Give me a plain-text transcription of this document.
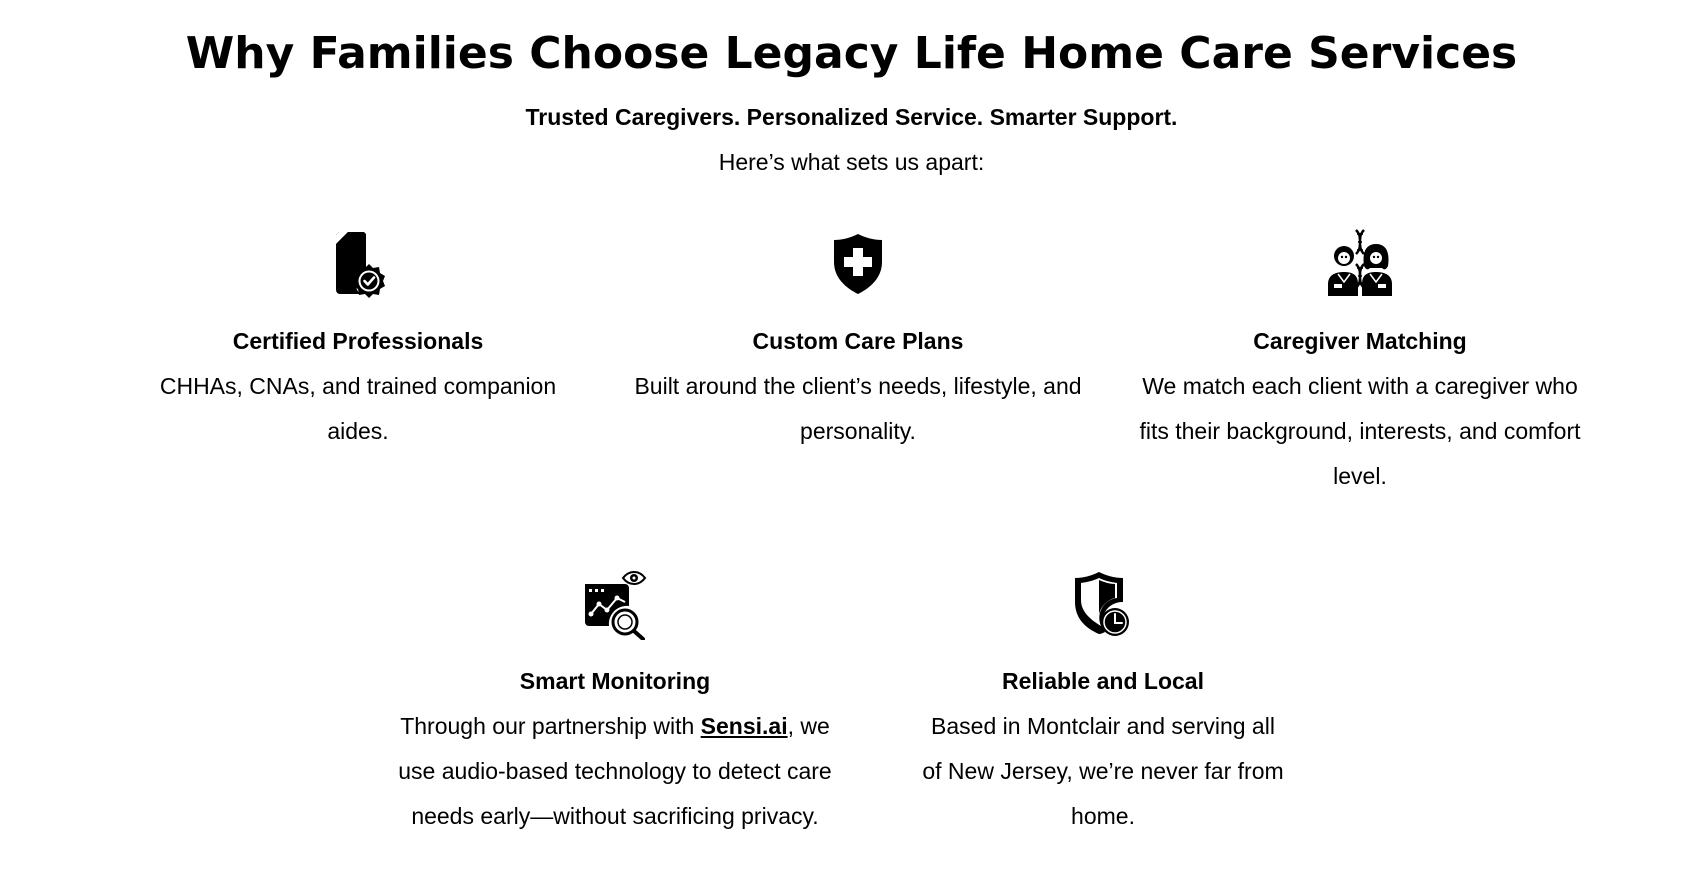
Why Families Choose Legacy Life Home Care Services

Trusted Caregivers. Personalized Service. Smarter Support.

Here’s what sets us apart:

Certified Professionals

CHHAs, CNAs, and trained companion aides.

Custom Care Plans

Built around the client’s needs, lifestyle, and personality.

Caregiver Matching

We match each client with a caregiver who fits their background, interests, and comfort level.

Smart Monitoring

Through our partnership with Sensi.ai, we use audio-based technology to detect care needs early—without sacrificing privacy.

Reliable and Local

Based in Montclair and serving all of New Jersey, we’re never far from home.
